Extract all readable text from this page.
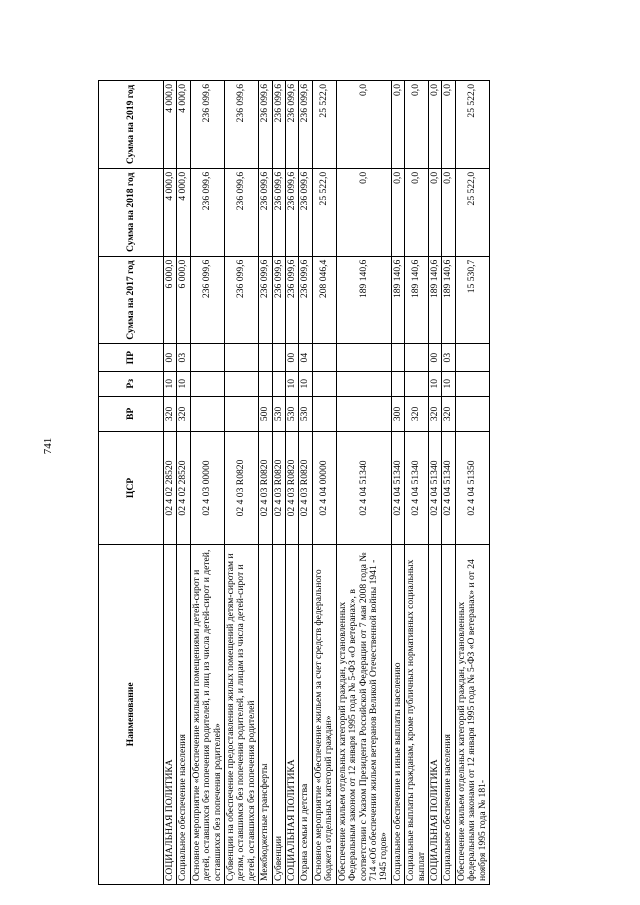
741
Наименование	ЦСР	ВР	Рз	ПР	Сумма на 2017 год	Сумма на 2018 год	Сумма на 2019 год
СОЦИАЛЬНАЯ ПОЛИТИКА	02 4 02 28520	320	10	00	6 000,0	4 000,0	4 000,0
Социальное обеспечение населения	02 4 02 28520	320	10	03	6 000,0	4 000,0	4 000,0
Основное мероприятие «Обеспечение жилыми помещениями детей-сирот и детей, оставшихся без попечения родителей, и лиц из числа детей-сирот и детей, оставшихся без попечения родителей»	02 4 03 00000				236 099,6	236 099,6	236 099,6
Субвенции на обеспечение предоставления жилых помещений детям-сиротам и детям, оставшимся без попечения родителей, и лицам из числа детей-сирот и детей, оставшихся без попечения родителей	02 4 03 R0820				236 099,6	236 099,6	236 099,6
Межбюджетные трансферты	02 4 03 R0820	500			236 099,6	236 099,6	236 099,6
Субвенции	02 4 03 R0820	530			236 099,6	236 099,6	236 099,6
СОЦИАЛЬНАЯ ПОЛИТИКА	02 4 03 R0820	530	10	00	236 099,6	236 099,6	236 099,6
Охрана семьи и детства	02 4 03 R0820	530	10	04	236 099,6	236 099,6	236 099,6
Основное мероприятие «Обеспечение жильем за счет средств федерального бюджета отдельных категорий граждан»	02 4 04 00000				208 046,4	25 522,0	25 522,0
Обеспечение жильем отдельных категорий граждан, установленных Федеральным законом от 12 января 1995 года № 5-ФЗ «О ветеранах», в соответствии с Указом Президента Российской Федерации от 7 мая 2008 года № 714 «Об обеспечении жильем ветеранов Великой Отечественной войны 1941 - 1945 годов»	02 4 04 51340				189 140,6	0,0	0,0
Социальное обеспечение и иные выплаты населению	02 4 04 51340	300			189 140,6	0,0	0,0
Социальные выплаты гражданам, кроме публичных нормативных социальных выплат	02 4 04 51340	320			189 140,6	0,0	0,0
СОЦИАЛЬНАЯ ПОЛИТИКА	02 4 04 51340	320	10	00	189 140,6	0,0	0,0
Социальное обеспечение населения	02 4 04 51340	320	10	03	189 140,6	0,0	0,0
Обеспечение жильем отдельных категорий граждан, установленных федеральными законами от 12 января 1995 года № 5-ФЗ «О ветеранах» и от 24 ноября 1995 года № 181-	02 4 04 51350				15 530,7	25 522,0	25 522,0
